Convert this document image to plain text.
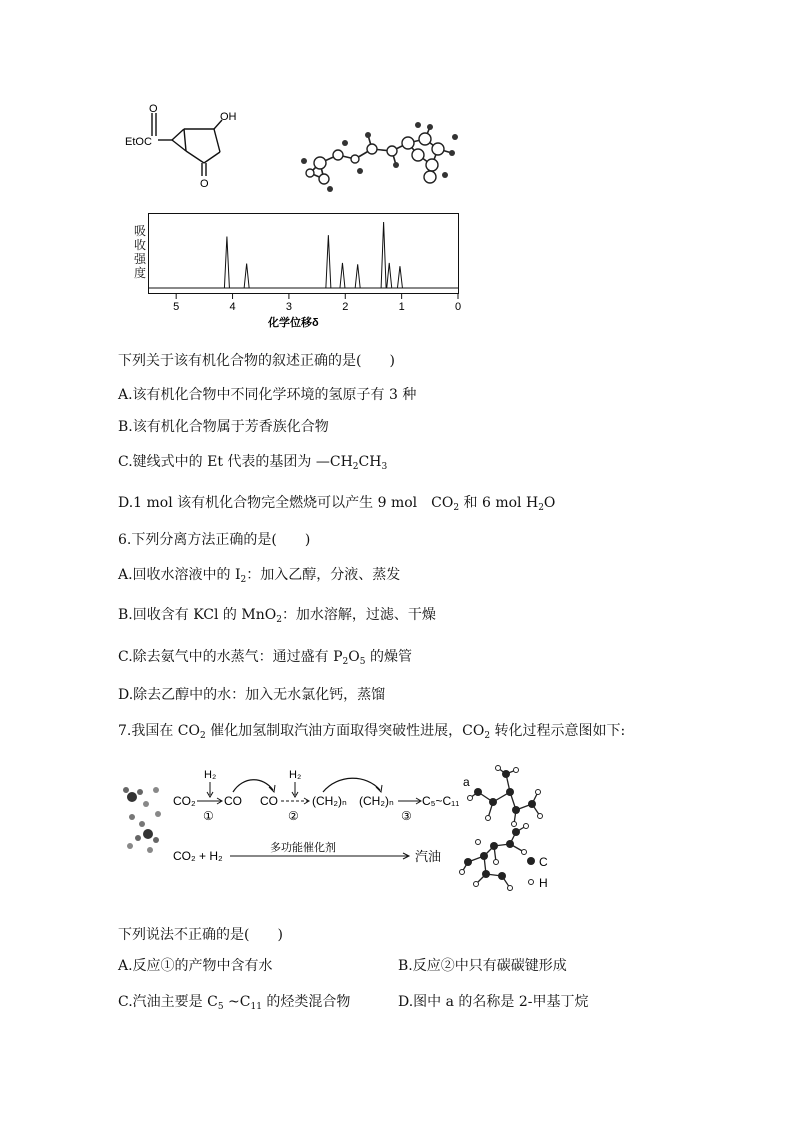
O
EtOC
OH
O
吸
收
强
度
5	4	3	2	1	0
化学位移δ
下列关于该有机化合物的叙述正确的是(　　)
A.该有机化合物中不同化学环境的氢原子有 3 种
B.该有机化合物属于芳香族化合物
C.键线式中的 Et 代表的基团为 $—CH_2CH_3$
D.1 mol 该有机化合物完全燃烧可以产生 9 mol　$CO_2$ 和 6 mol $H_2O$
6.下列分离方法正确的是(　　)
A.回收水溶液中的 $I_2$：加入乙醇，分液、蒸发
B.回收含有 KCl 的 MnO$_2$：加水溶解，过滤、干燥
C.除去氨气中的水蒸气：通过盛有 $P_2O_5$ 的燥管
D.除去乙醇中的水：加入无水氯化钙，蒸馏
7.我国在 $CO_2$ 催化加氢制取汽油方面取得突破性进展，$CO_2$ 转化过程示意图如下:
H₂	H₂
CO₂
①
CO CO
②
(CH₂)ₙ (CH₂)ₙ
③
C₅~C₁₁
CO₂ + H₂
多功能催化剂
汽油
a
C
H
下列说法不正确的是(　　)
A.反应①的产物中含有水	B.反应②中只有碳碳键形成
C.汽油主要是 $C_5$ $\sim C_{11}$ 的烃类混合物	D.图中 a 的名称是 2-甲基丁烷
